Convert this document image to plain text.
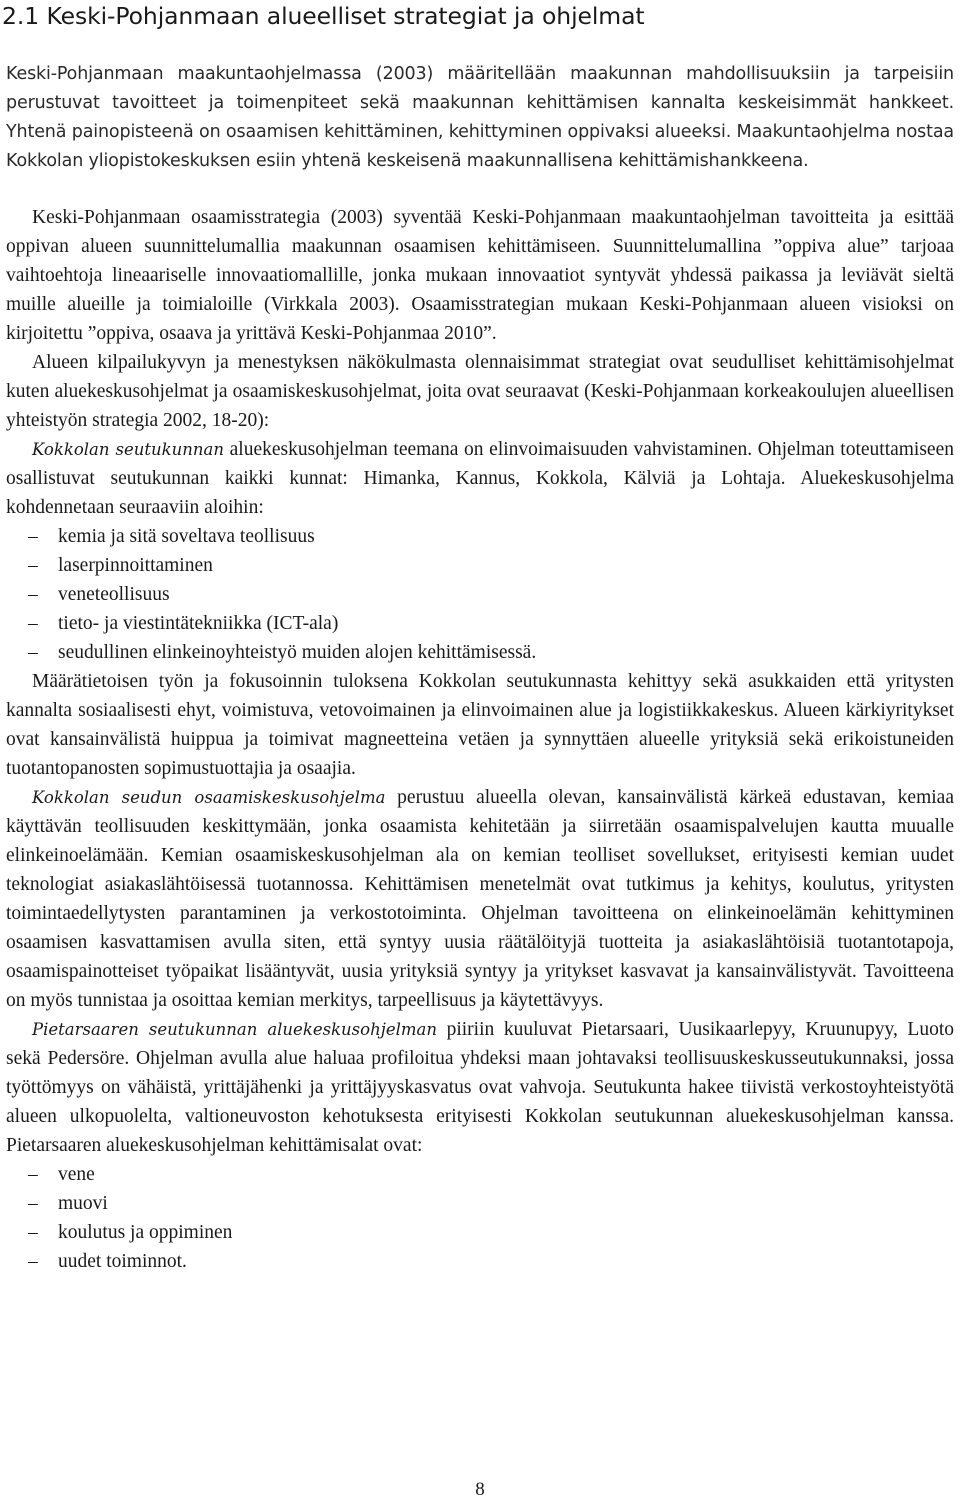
2.1 Keski-Pohjanmaan alueelliset strategiat ja ohjelmat

Keski-Pohjanmaan maakuntaohjelmassa (2003) määritellään maakunnan mahdollisuuksiin ja tarpeisiin perustuvat tavoitteet ja toimenpiteet sekä maakunnan kehittämisen kannalta keskeisimmät hankkeet. Yhtenä painopisteenä on osaamisen kehittäminen, kehittyminen oppivaksi alueeksi. Maakuntaohjelma nostaa Kokkolan yliopistokeskuksen esiin yhtenä keskeisenä maakunnallisena kehittämishankkeena.

Keski-Pohjanmaan osaamisstrategia (2003) syventää Keski-Pohjanmaan maakuntaohjelman tavoitteita ja esittää oppivan alueen suunnittelumallia maakunnan osaamisen kehittämiseen. Suunnittelumallina ”oppiva alue” tarjoaa vaihtoehtoja lineaariselle innovaatiomallille, jonka mukaan innovaatiot syntyvät yhdessä paikassa ja leviävät sieltä muille alueille ja toimialoille (Virkkala 2003). Osaamisstrategian mukaan Keski-Pohjanmaan alueen visioksi on kirjoitettu ”oppiva, osaava ja yrittävä Keski-Pohjanmaa 2010”.

Alueen kilpailukyvyn ja menestyksen näkökulmasta olennaisimmat strategiat ovat seudulliset kehittämisohjelmat kuten aluekeskusohjelmat ja osaamiskeskusohjelmat, joita ovat seuraavat (Keski-Pohjanmaan korkeakoulujen alueellisen yhteistyön strategia 2002, 18-20):

Kokkolan seutukunnan aluekeskusohjelman teemana on elinvoimaisuuden vahvistaminen. Ohjelman toteuttamiseen osallistuvat seutukunnan kaikki kunnat: Himanka, Kannus, Kokkola, Kälviä ja Lohtaja. Aluekeskusohjelma kohdennetaan seuraaviin aloihin:

– kemia ja sitä soveltava teollisuus
– laserpinnoittaminen
– veneteollisuus
– tieto- ja viestintätekniikka (ICT-ala)
– seudullinen elinkeinoyhteistyö muiden alojen kehittämisessä.

Määrätietoisen työn ja fokusoinnin tuloksena Kokkolan seutukunnasta kehittyy sekä asukkaiden että yritysten kannalta sosiaalisesti ehyt, voimistuva, vetovoimainen ja elinvoimainen alue ja logistiikkakeskus. Alueen kärkiyritykset ovat kansainvälistä huippua ja toimivat magneetteina vetäen ja synnyttäen alueelle yrityksiä sekä erikoistuneiden tuotantopanosten sopimustuottajia ja osaajia.

Kokkolan seudun osaamiskeskusohjelma perustuu alueella olevan, kansainvälistä kärkeä edustavan, kemiaa käyttävän teollisuuden keskittymään, jonka osaamista kehitetään ja siirretään osaamispalvelujen kautta muualle elinkeinoelämään. Kemian osaamiskeskusohjelman ala on kemian teolliset sovellukset, erityisesti kemian uudet teknologiat asiakaslähtöisessä tuotannossa. Kehittämisen menetelmät ovat tutkimus ja kehitys, koulutus, yritysten toimintaedellytysten parantaminen ja verkostotoiminta. Ohjelman tavoitteena on elinkeinoelämän kehittyminen osaamisen kasvattamisen avulla siten, että syntyy uusia räätälöityjä tuotteita ja asiakaslähtöisiä tuotantotapoja, osaamispainotteiset työpaikat lisääntyvät, uusia yrityksiä syntyy ja yritykset kasvavat ja kansainvälistyvät. Tavoitteena on myös tunnistaa ja osoittaa kemian merkitys, tarpeellisuus ja käytettävyys.

Pietarsaaren seutukunnan aluekeskusohjelman piiriin kuuluvat Pietarsaari, Uusikaarlepyy, Kruunupyy, Luoto sekä Pedersöre. Ohjelman avulla alue haluaa profiloitua yhdeksi maan johtavaksi teollisuuskeskusseutukunnaksi, jossa työttömyys on vähäistä, yrittäjähenki ja yrittäjyyskasvatus ovat vahvoja. Seutukunta hakee tiivistä verkostoyhteistyötä alueen ulkopuolelta, valtioneuvoston kehotuksesta erityisesti Kokkolan seutukunnan aluekeskusohjelman kanssa. Pietarsaaren aluekeskusohjelman kehittämisalat ovat:

– vene
– muovi
– koulutus ja oppiminen
– uudet toiminnot.
8
